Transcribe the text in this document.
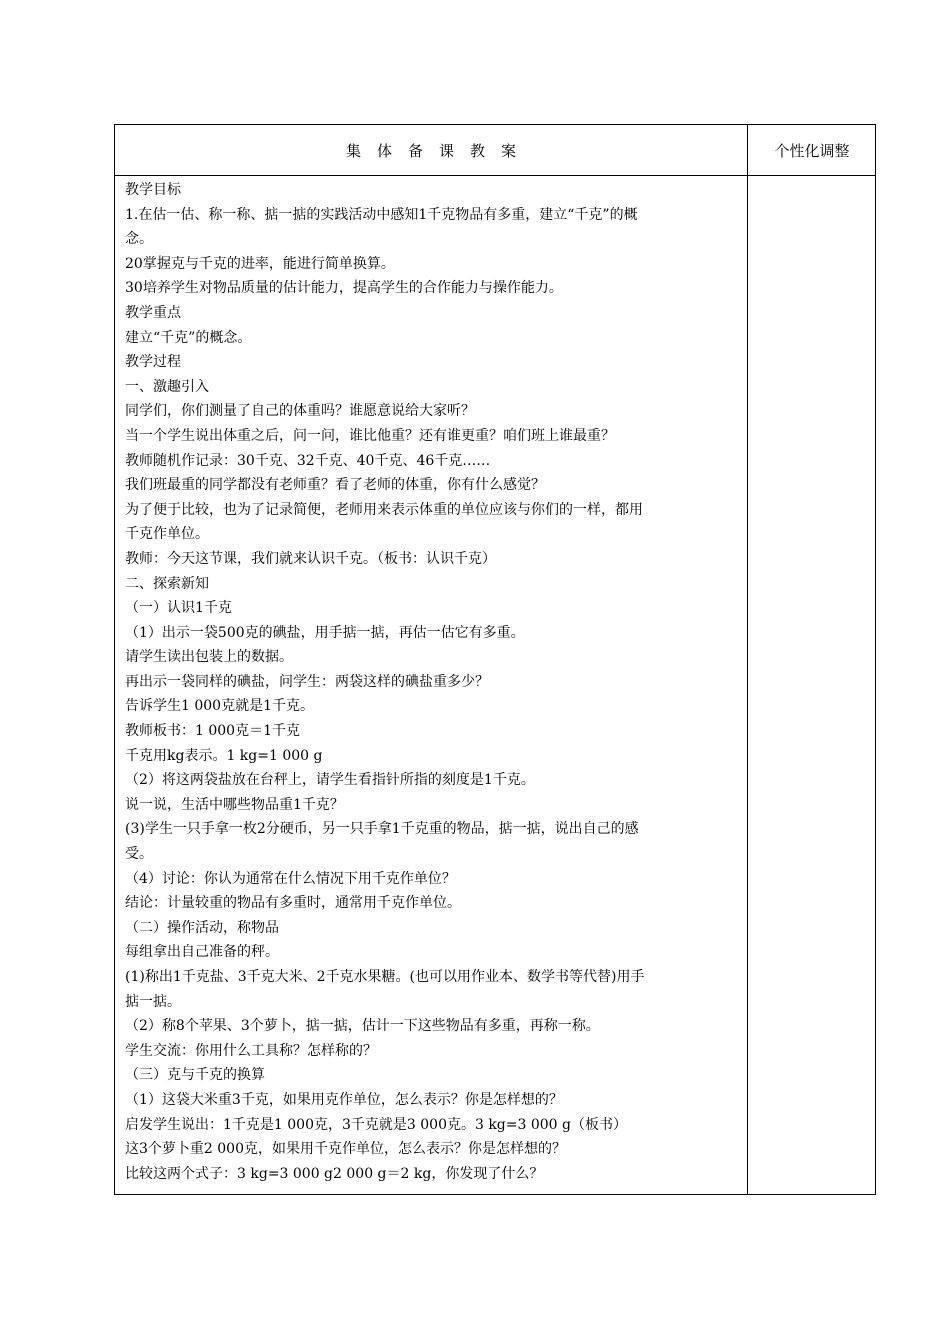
集 体 备 课 教 案	个性化调整
教学目标
1.在估一估、称一称、掂一掂的实践活动中感知1千克物品有多重，建立“千克”的概
念。
20掌握克与千克的进率，能进行简单换算。
30培养学生对物品质量的估计能力，提高学生的合作能力与操作能力。
教学重点
建立“千克”的概念。
教学过程
一、激趣引入
同学们，你们测量了自己的体重吗？谁愿意说给大家听？
当一个学生说出体重之后，问一问，谁比他重？还有谁更重？咱们班上谁最重？
教师随机作记录：30千克、32千克、40千克、46千克……
我们班最重的同学都没有老师重？看了老师的体重，你有什么感觉？
为了便于比较，也为了记录简便，老师用来表示体重的单位应该与你们的一样，都用
千克作单位。
教师：今天这节课，我们就来认识千克。（板书：认识千克）
二、探索新知
（一）认识1千克
（1）出示一袋500克的碘盐，用手掂一掂，再估一估它有多重。
请学生读出包装上的数据。
再出示一袋同样的碘盐，问学生：两袋这样的碘盐重多少？
告诉学生1 000克就是1千克。
教师板书：1 000克＝1千克
千克用kg表示。1 kg=1 000 g
（2）将这两袋盐放在台秤上，请学生看指针所指的刻度是1千克。
说一说，生活中哪些物品重1千克？
(3)学生一只手拿一枚2分硬币，另一只手拿1千克重的物品，掂一掂，说出自己的感
受。
（4）讨论：你认为通常在什么情况下用千克作单位？
结论：计量较重的物品有多重时，通常用千克作单位。
（二）操作活动，称物品
每组拿出自己准备的秤。
(1)称出1千克盐、3千克大米、2千克水果糖。(也可以用作业本、数学书等代替)用手
掂一掂。
（2）称8个苹果、3个萝卜，掂一掂，估计一下这些物品有多重，再称一称。
学生交流：你用什么工具称？怎样称的？
（三）克与千克的换算
（1）这袋大米重3千克，如果用克作单位，怎么表示？你是怎样想的？
启发学生说出：1千克是1 000克，3千克就是3 000克。3 kg=3 000 g（板书）
这3个萝卜重2 000克，如果用千克作单位，怎么表示？你是怎样想的？
比较这两个式子：3 kg=3 000 g2 000 g＝2 kg，你发现了什么？
